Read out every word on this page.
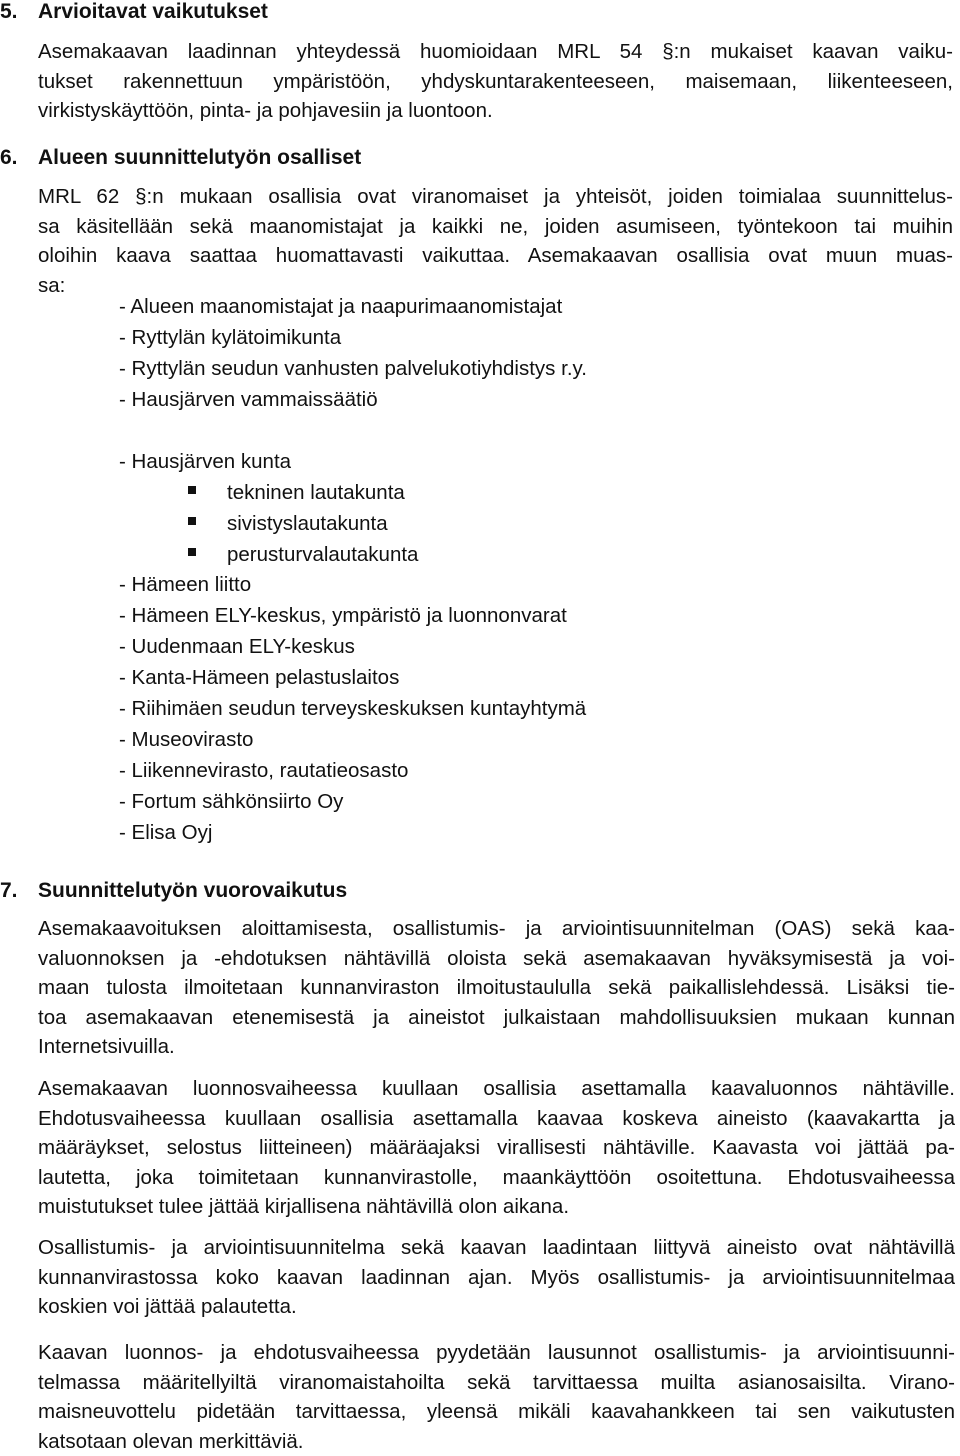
5. Arvioitavat vaikutukset
Asemakaavan laadinnan yhteydessä huomioidaan MRL 54 §:n mukaiset kaavan vaiku-
tukset rakennettuun ympäristöön, yhdyskuntarakenteeseen, maisemaan, liikenteeseen,
virkistyskäyttöön, pinta- ja pohjavesiin ja luontoon.
6. Alueen suunnittelutyön osalliset
MRL 62 §:n mukaan osallisia ovat viranomaiset ja yhteisöt, joiden toimialaa suunnittelus-
sa käsitellään sekä maanomistajat ja kaikki ne, joiden asumiseen, työntekoon tai muihin
oloihin kaava saattaa huomattavasti vaikuttaa. Asemakaavan osallisia ovat muun muas-
sa:
- Alueen maanomistajat ja naapurimaanomistajat
- Ryttylän kylätoimikunta
- Ryttylän seudun vanhusten palvelukotiyhdistys r.y.
- Hausjärven vammaissäätiö
- Hausjärven kunta
tekninen lautakunta
sivistyslautakunta
perusturvalautakunta
- Hämeen liitto
- Hämeen ELY-keskus, ympäristö ja luonnonvarat
- Uudenmaan ELY-keskus
- Kanta-Hämeen pelastuslaitos
- Riihimäen seudun terveyskeskuksen kuntayhtymä
- Museovirasto
- Liikennevirasto, rautatieosasto
- Fortum sähkönsiirto Oy
- Elisa Oyj
7. Suunnittelutyön vuorovaikutus
Asemakaavoituksen aloittamisesta, osallistumis- ja arviointisuunnitelman (OAS) sekä kaa-
valuonnoksen ja -ehdotuksen nähtävillä oloista sekä asemakaavan hyväksymisestä ja voi-
maan tulosta ilmoitetaan kunnanviraston ilmoitustaululla sekä paikallislehdessä. Lisäksi tie-
toa asemakaavan etenemisestä ja aineistot julkaistaan mahdollisuuksien mukaan kunnan
Internetsivuilla.
Asemakaavan luonnosvaiheessa kuullaan osallisia asettamalla kaavaluonnos nähtäville.
Ehdotusvaiheessa kuullaan osallisia asettamalla kaavaa koskeva aineisto (kaavakartta ja
määräykset, selostus liitteineen) määräajaksi virallisesti nähtäville. Kaavasta voi jättää pa-
lautetta, joka toimitetaan kunnanvirastolle, maankäyttöön osoitettuna. Ehdotusvaiheessa
muistutukset tulee jättää kirjallisena nähtävillä olon aikana.
Osallistumis- ja arviointisuunnitelma sekä kaavan laadintaan liittyvä aineisto ovat nähtävillä
kunnanvirastossa koko kaavan laadinnan ajan. Myös osallistumis- ja arviointisuunnitelmaa
koskien voi jättää palautetta.
Kaavan luonnos- ja ehdotusvaiheessa pyydetään lausunnot osallistumis- ja arviointisuunni-
telmassa määritellyiltä viranomaistahoilta sekä tarvittaessa muilta asianosaisilta. Virano-
maisneuvottelu pidetään tarvittaessa, yleensä mikäli kaavahankkeen tai sen vaikutusten
katsotaan olevan merkittäviä.
